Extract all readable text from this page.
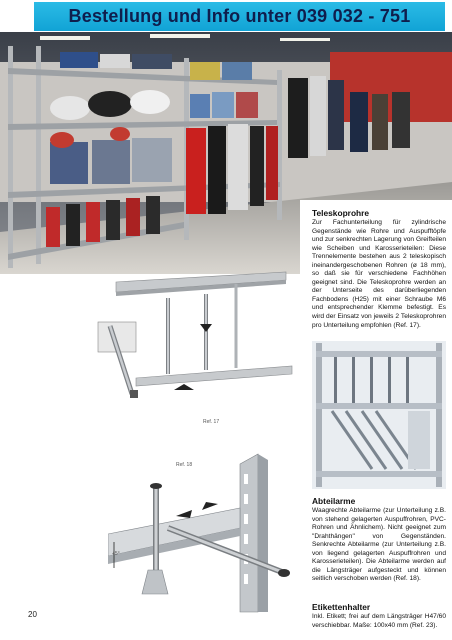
Bestellung und Info unter 039 032 - 751
Teleskoprohre

Zur Fachunterteilung für zylindrische Gegenstände wie Rohre und Auspufftöpfe und zur senkrechten Lagerung von Greifteilen wie Scheiben und Karosserieteilen: Diese Trennelemente bestehen aus 2 teleskopisch ineinandergeschobenen Rohren (ø 18 mm), so daß sie für verschiedene Fachhöhen geeignet sind. Die Teleskoprohre werden an der Unterseite des darüberliegenden Fachbodens (H25) mit einer Schraube M6 und entsprechender Klemme befestigt. Es wird der Einsatz von jeweils 2 Teleskoprohren pro Unterteilung empfohlen (Ref. 17).

Ref. 17
Ref. 18
+5°
Abteilarme

Waagrechte Abteilarme (zur Unterteilung z.B. von stehend gelagerten Auspuffrohren, PVC-Rohren und Ähnlichem). Nicht geeignet zum "Drahthängen" von Gegenständen. Senkrechte Abteilarme (zur Unterteilung z.B. von liegend gelagerten Auspuffrohren und Karosserieteilen). Die Abteilarme werden auf die Längsträger aufgesteckt und können seitlich verschoben werden (Ref. 18).

Etikettenhalter

Inkl. Etikett; frei auf dem Längsträger H47/60 verschiebbar. Maße: 100x40 mm (Ref. 23).

20
